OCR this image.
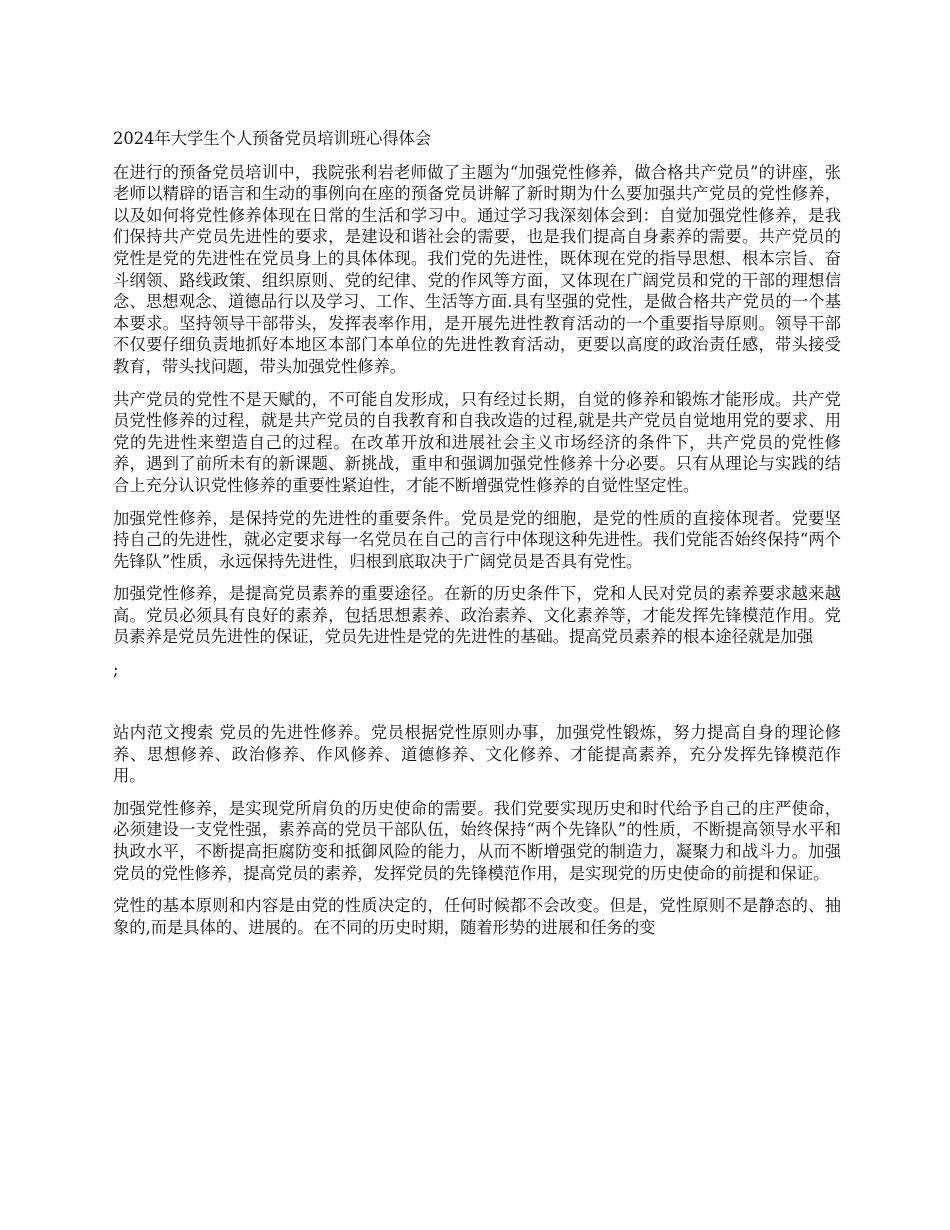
2024年大学生个人预备党员培训班心得体会

在进行的预备党员培训中，我院张利岩老师做了主题为“加强党性修养，做合格共产党员”的讲座，张老师以精辟的语言和生动的事例向在座的预备党员讲解了新时期为什么要加强共产党员的党性修养，以及如何将党性修养体现在日常的生活和学习中。通过学习我深刻体会到：自觉加强党性修养，是我们保持共产党员先进性的要求，是建设和谐社会的需要，也是我们提高自身素养的需要。共产党员的党性是党的先进性在党员身上的具体体现。我们党的先进性，既体现在党的指导思想、根本宗旨、奋斗纲领、路线政策、组织原则、党的纪律、党的作风等方面，又体现在广阔党员和党的干部的理想信念、思想观念、道德品行以及学习、工作、生活等方面.具有坚强的党性，是做合格共产党员的一个基本要求。坚持领导干部带头，发挥表率作用，是开展先进性教育活动的一个重要指导原则。领导干部不仅要仔细负责地抓好本地区本部门本单位的先进性教育活动，更要以高度的政治责任感，带头接受教育，带头找问题，带头加强党性修养。

共产党员的党性不是天赋的，不可能自发形成，只有经过长期，自觉的修养和锻炼才能形成。共产党员党性修养的过程，就是共产党员的自我教育和自我改造的过程,就是共产党员自觉地用党的要求、用党的先进性来塑造自己的过程。在改革开放和进展社会主义市场经济的条件下，共产党员的党性修养，遇到了前所未有的新课题、新挑战，重申和强调加强党性修养十分必要。只有从理论与实践的结合上充分认识党性修养的重要性紧迫性，才能不断增强党性修养的自觉性坚定性。

加强党性修养，是保持党的先进性的重要条件。党员是党的细胞，是党的性质的直接体现者。党要坚持自己的先进性，就必定要求每一名党员在自己的言行中体现这种先进性。我们党能否始终保持“两个先锋队”性质，永远保持先进性，归根到底取决于广阔党员是否具有党性。

加强党性修养，是提高党员素养的重要途径。在新的历史条件下，党和人民对党员的素养要求越来越高。党员必须具有良好的素养，包括思想素养、政治素养、文化素养等，才能发挥先锋模范作用。党员素养是党员先进性的保证，党员先进性是党的先进性的基础。提高党员素养的根本途径就是加强

;

站内范文搜索 党员的先进性修养。党员根据党性原则办事，加强党性锻炼，努力提高自身的理论修养、思想修养、政治修养、作风修养、道德修养、文化修养、才能提高素养，充分发挥先锋模范作用。

加强党性修养，是实现党所肩负的历史使命的需要。我们党要实现历史和时代给予自己的庄严使命，必须建设一支党性强，素养高的党员干部队伍，始终保持“两个先锋队”的性质，不断提高领导水平和执政水平，不断提高拒腐防变和抵御风险的能力，从而不断增强党的制造力，凝聚力和战斗力。加强党员的党性修养，提高党员的素养，发挥党员的先锋模范作用，是实现党的历史使命的前提和保证。

党性的基本原则和内容是由党的性质决定的，任何时候都不会改变。但是，党性原则不是静态的、抽象的,而是具体的、进展的。在不同的历史时期，随着形势的进展和任务的变
